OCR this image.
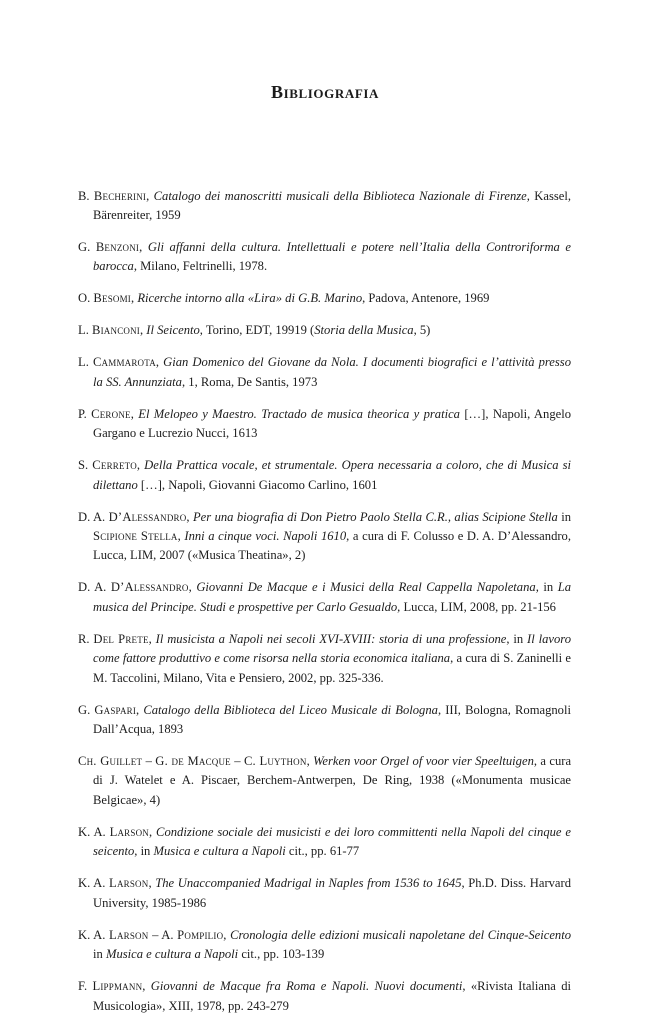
Bibliografia

B. Becherini, Catalogo dei manoscritti musicali della Biblioteca Nazionale di Firenze, Kassel, Bärenreiter, 1959

G. Benzoni, Gli affanni della cultura. Intellettuali e potere nell’Italia della Controriforma e barocca, Milano, Feltrinelli, 1978.

O. Besomi, Ricerche intorno alla «Lira» di G.B. Marino, Padova, Antenore, 1969

L. Bianconi, Il Seicento, Torino, EDT, 19919 (Storia della Musica, 5)

L. Cammarota, Gian Domenico del Giovane da Nola. I documenti biografici e l’attività presso la SS. Annunziata, 1, Roma, De Santis, 1973

P. Cerone, El Melopeo y Maestro. Tractado de musica theorica y pratica […], Napoli, Angelo Gargano e Lucrezio Nucci, 1613

S. Cerreto, Della Prattica vocale, et strumentale. Opera necessaria a coloro, che di Musica si dilettano […], Napoli, Giovanni Giacomo Carlino, 1601

D. A. D’Alessandro, Per una biografia di Don Pietro Paolo Stella C.R., alias Scipione Stella in Scipione Stella, Inni a cinque voci. Napoli 1610, a cura di F. Colusso e D. A. D’Alessandro, Lucca, LIM, 2007 («Musica Theatina», 2)

D. A. D’Alessandro, Giovanni De Macque e i Musici della Real Cappella Napoletana, in La musica del Principe. Studi e prospettive per Carlo Gesualdo, Lucca, LIM, 2008, pp. 21-156

R. Del Prete, Il musicista a Napoli nei secoli XVI-XVIII: storia di una professione, in Il lavoro come fattore produttivo e come risorsa nella storia economica italiana, a cura di S. Zaninelli e M. Taccolini, Milano, Vita e Pensiero, 2002, pp. 325-336.

G. Gaspari, Catalogo della Biblioteca del Liceo Musicale di Bologna, III, Bologna, Romagnoli Dall’Acqua, 1893

Ch. Guillet – G. de Macque – C. Luython, Werken voor Orgel of voor vier Speeltuigen, a cura di J. Watelet e A. Piscaer, Berchem-Antwerpen, De Ring, 1938 («Monumenta musicae Belgicae», 4)

K. A. Larson, Condizione sociale dei musicisti e dei loro committenti nella Napoli del cinque e seicento, in Musica e cultura a Napoli cit., pp. 61-77

K. A. Larson, The Unaccompanied Madrigal in Naples from 1536 to 1645, Ph.D. Diss. Harvard University, 1985-1986

K. A. Larson – A. Pompilio, Cronologia delle edizioni musicali napoletane del Cinque-Seicento in Musica e cultura a Napoli cit., pp. 103-139

F. Lippmann, Giovanni de Macque fra Roma e Napoli. Nuovi documenti, «Rivista Italiana di Musicologia», XIII, 1978, pp. 243-279
